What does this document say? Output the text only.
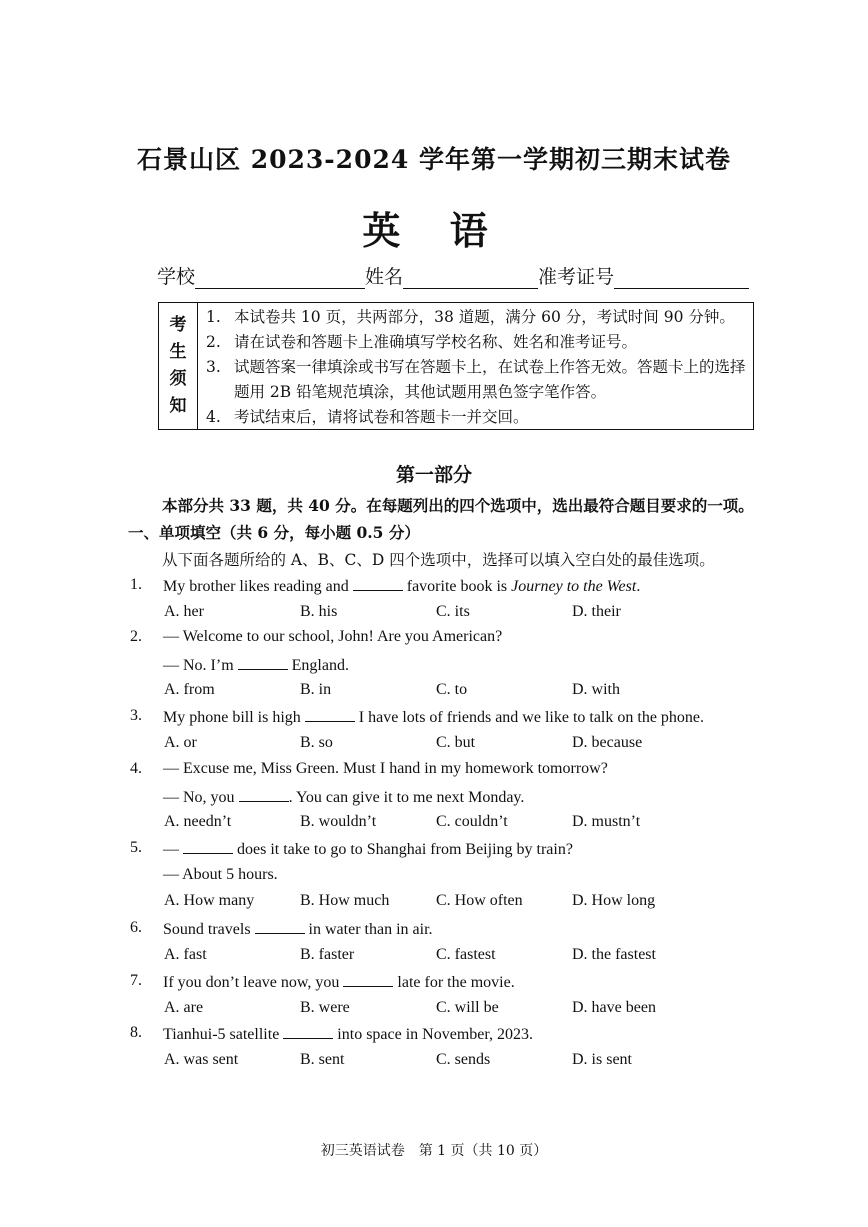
石景山区 2023-2024 学年第一学期初三期末试卷
英 语
学校	姓名	准考证号
考
生
须
知
1. 本试卷共 10 页，共两部分，38 道题，满分 60 分，考试时间 90 分钟。
2. 请在试卷和答题卡上准确填写学校名称、姓名和准考证号。
3. 试题答案一律填涂或书写在答题卡上，在试卷上作答无效。答题卡上的选择题用 2B 铅笔规范填涂，其他试题用黑色签字笔作答。
4. 考试结束后，请将试卷和答题卡一并交回。
第一部分
本部分共 33 题，共 40 分。在每题列出的四个选项中，选出最符合题目要求的一项。
一、单项填空（共 6 分，每小题 0.5 分）
从下面各题所给的 A、B、C、D 四个选项中，选择可以填入空白处的最佳选项。
1. My brother likes reading and	favorite book is Journey to the West.
A. her	B. his	C. its	D. their
2. — Welcome to our school, John! Are you American?
— No. I’m	England.
A. from	B. in	C. to	D. with
3. My phone bill is high	I have lots of friends and we like to talk on the phone.
A. or	B. so	C. but	D. because
4. — Excuse me, Miss Green. Must I hand in my homework tomorrow?
— No, you	. You can give it to me next Monday.
A. needn’t	B. wouldn’t	C. couldn’t	D. mustn’t
5. —	does it take to go to Shanghai from Beijing by train?
— About 5 hours.
A. How many	B. How much	C. How often	D. How long
6. Sound travels	in water than in air.
A. fast	B. faster	C. fastest	D. the fastest
7. If you don’t leave now, you	late for the movie.
A. are	B. were	C. will be	D. have been
8. Tianhui-5 satellite	into space in November, 2023.
A. was sent	B. sent	C. sends	D. is sent
初三英语试卷　第 1 页（共 10 页）
